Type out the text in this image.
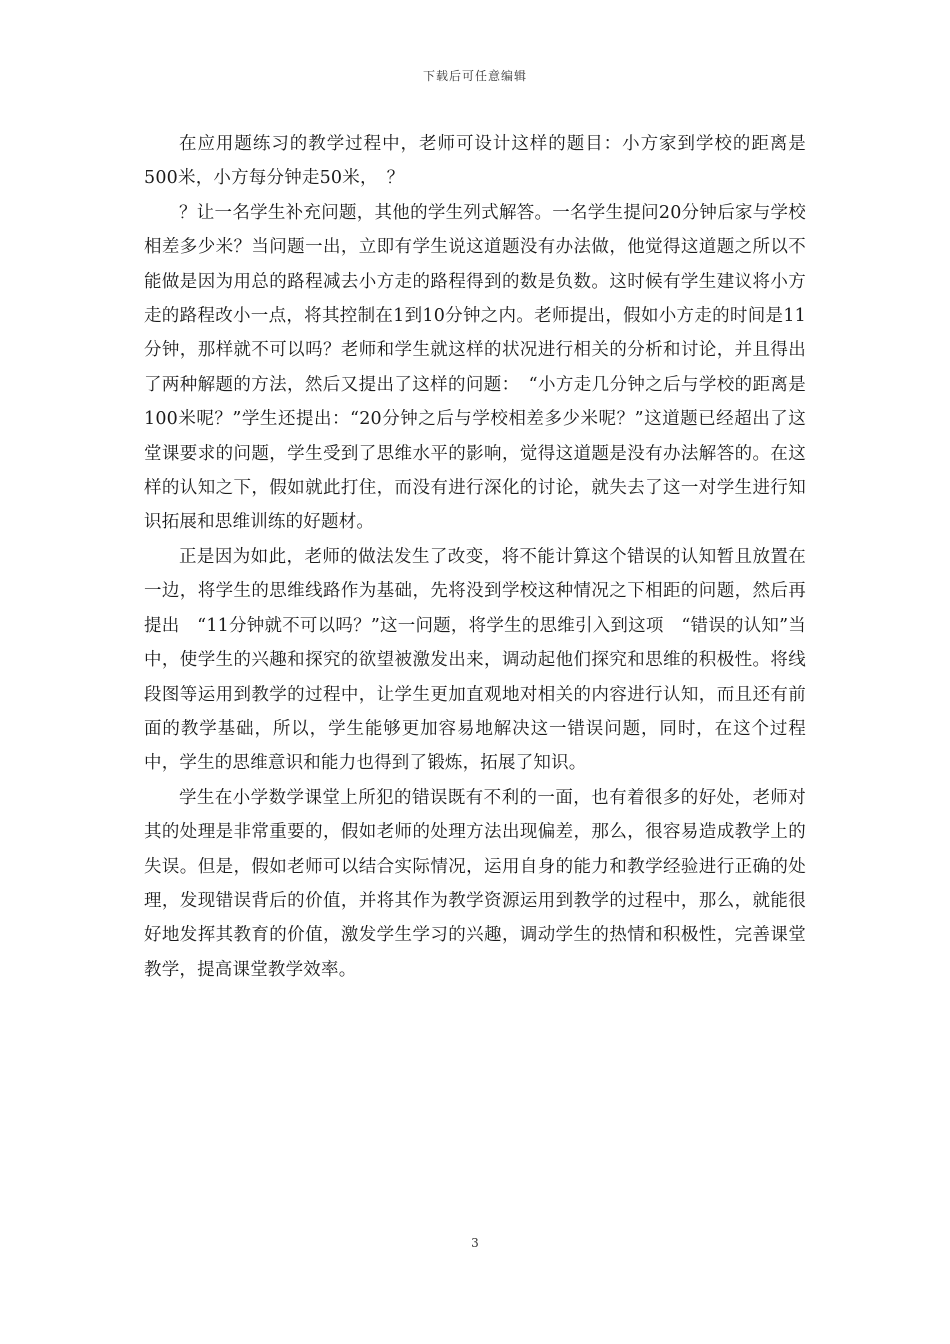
下载后可任意编辑

在应用题练习的教学过程中，老师可设计这样的题目：小方家到学校的距离是500米，小方每分钟走50米，　？

？让一名学生补充问题，其他的学生列式解答。一名学生提问20分钟后家与学校相差多少米？当问题一出，立即有学生说这道题没有办法做，他觉得这道题之所以不能做是因为用总的路程减去小方走的路程得到的数是负数。这时候有学生建议将小方走的路程改小一点，将其控制在1到10分钟之内。老师提出，假如小方走的时间是11分钟，那样就不可以吗？老师和学生就这样的状况进行相关的分析和讨论，并且得出了两种解题的方法，然后又提出了这样的问题：　“小方走几分钟之后与学校的距离是100米呢？”学生还提出：“20分钟之后与学校相差多少米呢？”这道题已经超出了这堂课要求的问题，学生受到了思维水平的影响，觉得这道题是没有办法解答的。在这样的认知之下，假如就此打住，而没有进行深化的讨论，就失去了这一对学生进行知识拓展和思维训练的好题材。

正是因为如此，老师的做法发生了改变，将不能计算这个错误的认知暂且放置在一边，将学生的思维线路作为基础，先将没到学校这种情况之下相距的问题，然后再提出　“11分钟就不可以吗？”这一问题，将学生的思维引入到这项　“错误的认知”当中，使学生的兴趣和探究的欲望被激发出来，调动起他们探究和思维的积极性。将线段图等运用到教学的过程中，让学生更加直观地对相关的内容进行认知，而且还有前面的教学基础，所以，学生能够更加容易地解决这一错误问题，同时，在这个过程中，学生的思维意识和能力也得到了锻炼，拓展了知识。

学生在小学数学课堂上所犯的错误既有不利的一面，也有着很多的好处，老师对其的处理是非常重要的，假如老师的处理方法出现偏差，那么，很容易造成教学上的失误。但是，假如老师可以结合实际情况，运用自身的能力和教学经验进行正确的处理，发现错误背后的价值，并将其作为教学资源运用到教学的过程中，那么，就能很好地发挥其教育的价值，激发学生学习的兴趣，调动学生的热情和积极性，完善课堂教学，提高课堂教学效率。

3
